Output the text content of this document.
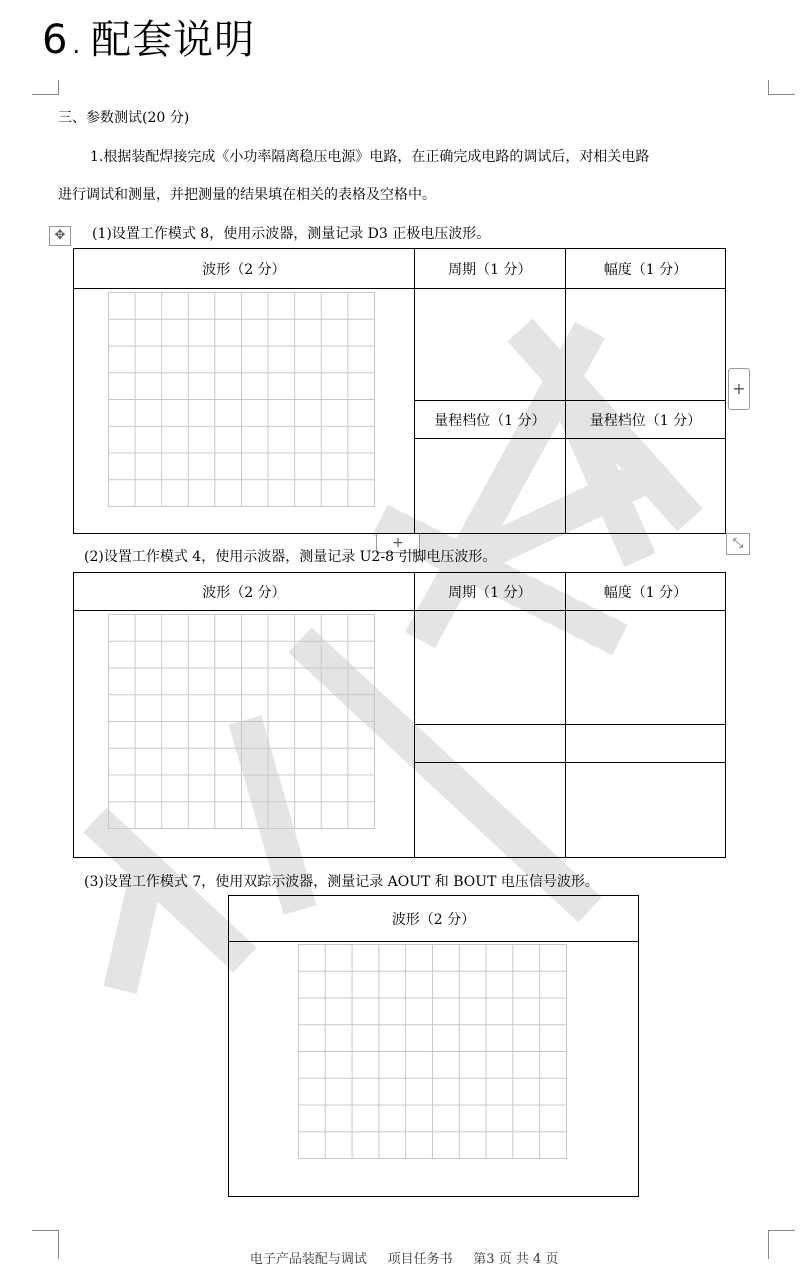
6 . 配套说明
三、参数测试(20 分)
1.根据装配焊接完成《小功率隔离稳压电源》电路，在正确完成电路的调试后，对相关电路
进行调试和测量，并把测量的结果填在相关的表格及空格中。
✥	(1)设置工作模式 8，使用示波器，测量记录 D3 正极电压波形。
波形（2 分）	周期（1 分）	幅度（1 分）

	量程档位（1 分）	量程档位（1 分）

+
+	⤡
(2)设置工作模式 4，使用示波器，测量记录 U2-8 引脚电压波形。
波形（2 分）	周期（1 分）	幅度（1 分）

(3)设置工作模式 7，使用双踪示波器，测量记录 AOUT 和 BOUT 电压信号波形。
波形（2 分）

电子产品装配与调试 项目任务书 第3 页 共 4 页
